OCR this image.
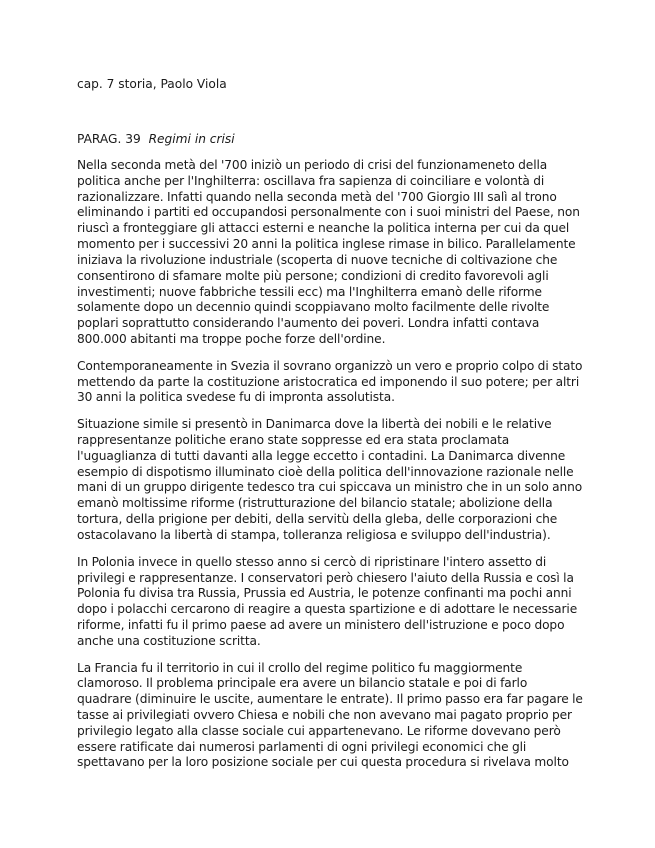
cap. 7 storia, Paolo Viola

PARAG. 39 Regimi in crisi

Nella seconda metà del '700 iniziò un periodo di crisi del funzionameneto della
politica anche per l'Inghilterra: oscillava fra sapienza di coinciliare e volontà di
razionalizzare. Infatti quando nella seconda metà del '700 Giorgio III salì al trono
eliminando i partiti ed occupandosi personalmente con i suoi ministri del Paese, non
riuscì a fronteggiare gli attacci esterni e neanche la politica interna per cui da quel
momento per i successivi 20 anni la politica inglese rimase in bilico. Parallelamente
iniziava la rivoluzione industriale (scoperta di nuove tecniche di coltivazione che
consentirono di sfamare molte più persone; condizioni di credito favorevoli agli
investimenti; nuove fabbriche tessili ecc) ma l'Inghilterra emanò delle riforme
solamente dopo un decennio quindi scoppiavano molto facilmente delle rivolte
poplari soprattutto considerando l'aumento dei poveri. Londra infatti contava
800.000 abitanti ma troppe poche forze dell'ordine.

Contemporaneamente in Svezia il sovrano organizzò un vero e proprio colpo di stato
mettendo da parte la costituzione aristocratica ed imponendo il suo potere; per altri
30 anni la politica svedese fu di impronta assolutista.

Situazione simile si presentò in Danimarca dove la libertà dei nobili e le relative
rappresentanze politiche erano state soppresse ed era stata proclamata
l'uguaglianza di tutti davanti alla legge eccetto i contadini. La Danimarca divenne
esempio di dispotismo illuminato cioè della politica dell'innovazione razionale nelle
mani di un gruppo dirigente tedesco tra cui spiccava un ministro che in un solo anno
emanò moltissime riforme (ristrutturazione del bilancio statale; abolizione della
tortura, della prigione per debiti, della servitù della gleba, delle corporazioni che
ostacolavano la libertà di stampa, tolleranza religiosa e sviluppo dell'industria).

In Polonia invece in quello stesso anno si cercò di ripristinare l'intero assetto di
privilegi e rappresentanze. I conservatori però chiesero l'aiuto della Russia e così la
Polonia fu divisa tra Russia, Prussia ed Austria, le potenze confinanti ma pochi anni
dopo i polacchi cercarono di reagire a questa spartizione e di adottare le necessarie
riforme, infatti fu il primo paese ad avere un ministero dell'istruzione e poco dopo
anche una costituzione scritta.

La Francia fu il territorio in cui il crollo del regime politico fu maggiormente
clamoroso. Il problema principale era avere un bilancio statale e poi di farlo
quadrare (diminuire le uscite, aumentare le entrate). Il primo passo era far pagare le
tasse ai privilegiati ovvero Chiesa e nobili che non avevano mai pagato proprio per
privilegio legato alla classe sociale cui appartenevano. Le riforme dovevano però
essere ratificate dai numerosi parlamenti di ogni privilegi economici che gli
spettavano per la loro posizione sociale per cui questa procedura si rivelava molto
